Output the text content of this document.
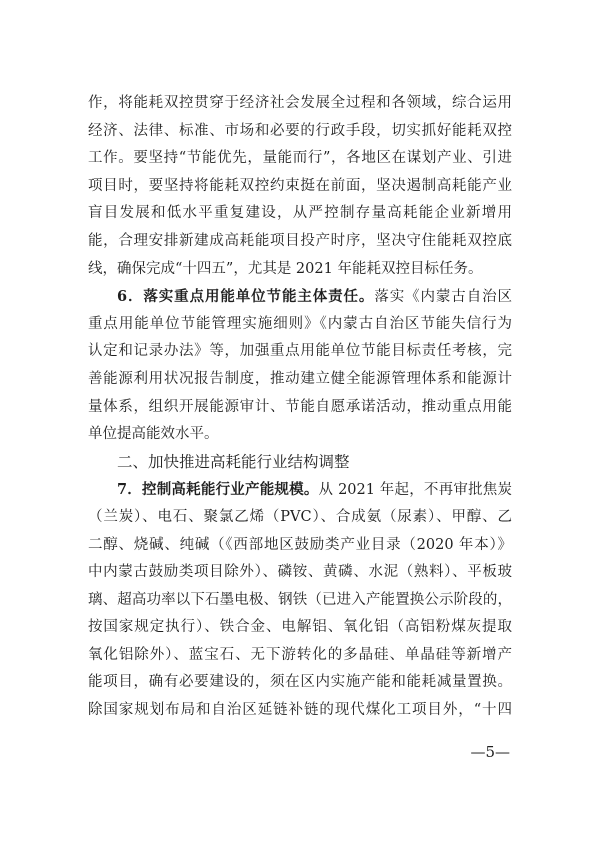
作，将能耗双控贯穿于经济社会发展全过程和各领域，综合运用
经济、法律、标准、市场和必要的行政手段，切实抓好能耗双控
工作。要坚持“节能优先，量能而行”，各地区在谋划产业、引进
项目时，要坚持将能耗双控约束挺在前面，坚决遏制高耗能产业
盲目发展和低水平重复建设，从严控制存量高耗能企业新增用
能，合理安排新建成高耗能项目投产时序，坚决守住能耗双控底
线，确保完成“十四五”，尤其是 2021 年能耗双控目标任务。
6．落实重点用能单位节能主体责任。落实《内蒙古自治区
重点用能单位节能管理实施细则》《内蒙古自治区节能失信行为
认定和记录办法》等，加强重点用能单位节能目标责任考核，完
善能源利用状况报告制度，推动建立健全能源管理体系和能源计
量体系，组织开展能源审计、节能自愿承诺活动，推动重点用能
单位提高能效水平。
二、加快推进高耗能行业结构调整
7．控制高耗能行业产能规模。从 2021 年起，不再审批焦炭
（兰炭）、电石、聚氯乙烯（PVC）、合成氨（尿素）、甲醇、乙
二醇、烧碱、纯碱（《西部地区鼓励类产业目录（2020 年本）》
中内蒙古鼓励类项目除外）、磷铵、黄磷、水泥（熟料）、平板玻
璃、超高功率以下石墨电极、钢铁（已进入产能置换公示阶段的，
按国家规定执行）、铁合金、电解铝、氧化铝（高铝粉煤灰提取
氧化铝除外）、蓝宝石、无下游转化的多晶硅、单晶硅等新增产
能项目，确有必要建设的，须在区内实施产能和能耗减量置换。
除国家规划布局和自治区延链补链的现代煤化工项目外，“十四
—5—
